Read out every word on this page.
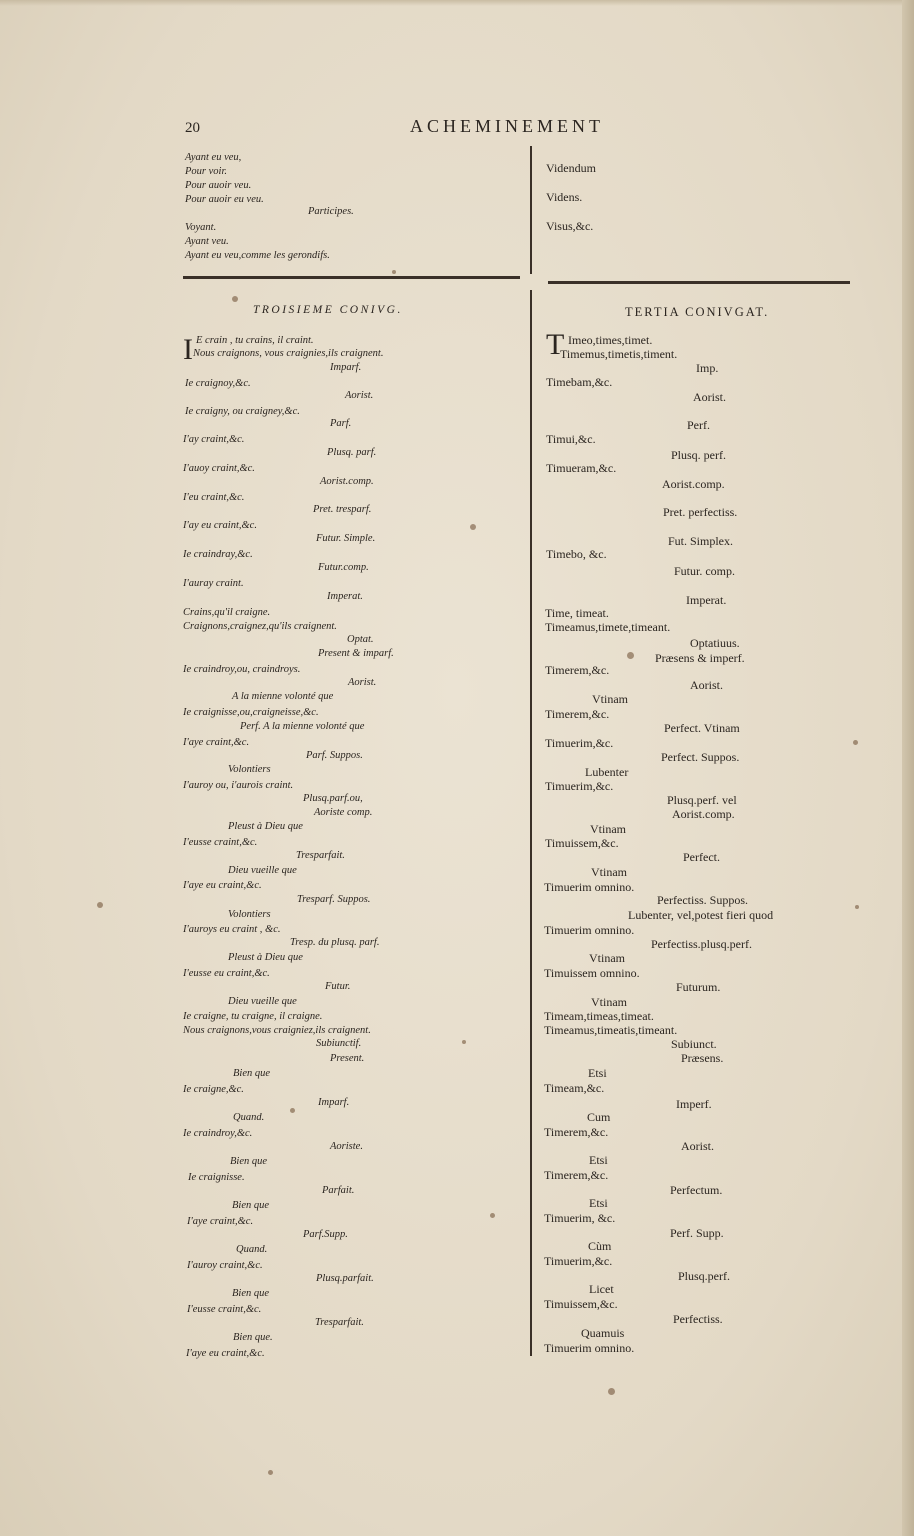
20	ACHEMINEMENT
TROISIEME CONIVG.	TERTIA CONIVGAT.
I	T
Ayant eu veu,
Pour voir.
Pour auoir veu.
Pour auoir eu veu.
Participes.
Voyant.
Ayant veu.
Ayant eu veu,comme les gerondifs.
Videndum
Videns.
Visus,&c.
E crain , tu crains, il craint.
Nous craignons, vous craignies,ils craignent.
Imparf.
Ie craignoy,&c.
Aorist.
Ie craigny, ou craigney,&c.
Parf.
I'ay craint,&c.
Plusq. parf.
I'auoy craint,&c.
Aorist.comp.
I'eu craint,&c.
Pret. tresparf.
I'ay eu craint,&c.
Futur. Simple.
Ie craindray,&c.
Futur.comp.
I'auray craint.
Imperat.
Crains,qu'il craigne.
Craignons,craignez,qu'ils craignent.
Optat.
Present & imparf.
Ie craindroy,ou, craindroys.
Aorist.
A la mienne volonté que
Ie craignisse,ou,craigneisse,&c.
Perf. A la mienne volonté que
I'aye craint,&c.
Parf. Suppos.
Volontiers
I'auroy ou, i'aurois craint.
Plusq.parf.ou,
Aoriste comp.
Pleust à Dieu que
I'eusse craint,&c.
Tresparfait.
Dieu vueille que
I'aye eu craint,&c.
Tresparf. Suppos.
Volontiers
I'auroys eu craint , &c.
Tresp. du plusq. parf.
Pleust à Dieu que
I'eusse eu craint,&c.
Futur.
Dieu vueille que
Ie craigne, tu craigne, il craigne.
Nous craignons,vous craigniez,ils craignent.
Subiunctif.
Present.
Bien que
Ie craigne,&c.
Imparf.
Quand.
Ie craindroy,&c.
Aoriste.
Bien que
Ie craignisse.
Parfait.
Bien que
I'aye craint,&c.
Parf.Supp.
Quand.
I'auroy craint,&c.
Plusq.parfait.
Bien que
I'eusse craint,&c.
Tresparfait.
Bien que.
I'aye eu craint,&c.
Imeo,times,timet.
Timemus,timetis,timent.
Imp.
Timebam,&c.
Aorist.
Perf.
Timui,&c.
Plusq. perf.
Timueram,&c.
Aorist.comp.
Pret. perfectiss.
Fut. Simplex.
Timebo, &c.
Futur. comp.
Imperat.
Time, timeat.
Timeamus,timete,timeant.
Optatiuus.
Præsens & imperf.
Timerem,&c.
Aorist.
Vtinam
Timerem,&c.
Perfect. Vtinam
Timuerim,&c.
Perfect. Suppos.
Lubenter
Timuerim,&c.
Plusq.perf. vel
Aorist.comp.
Vtinam
Timuissem,&c.
Perfect.
Vtinam
Timuerim omnino.
Perfectiss. Suppos.
Lubenter, vel,potest fieri quod
Timuerim omnino.
Perfectiss.plusq.perf.
Vtinam
Timuissem omnino.
Futurum.
Vtinam
Timeam,timeas,timeat.
Timeamus,timeatis,timeant.
Subiunct.
Præsens.
Etsi
Timeam,&c.
Imperf.
Cum
Timerem,&c.
Aorist.
Etsi
Timerem,&c.
Perfectum.
Etsi
Timuerim, &c.
Perf. Supp.
Cùm
Timuerim,&c.
Plusq.perf.
Licet
Timuissem,&c.
Perfectiss.
Quamuis
Timuerim omnino.
